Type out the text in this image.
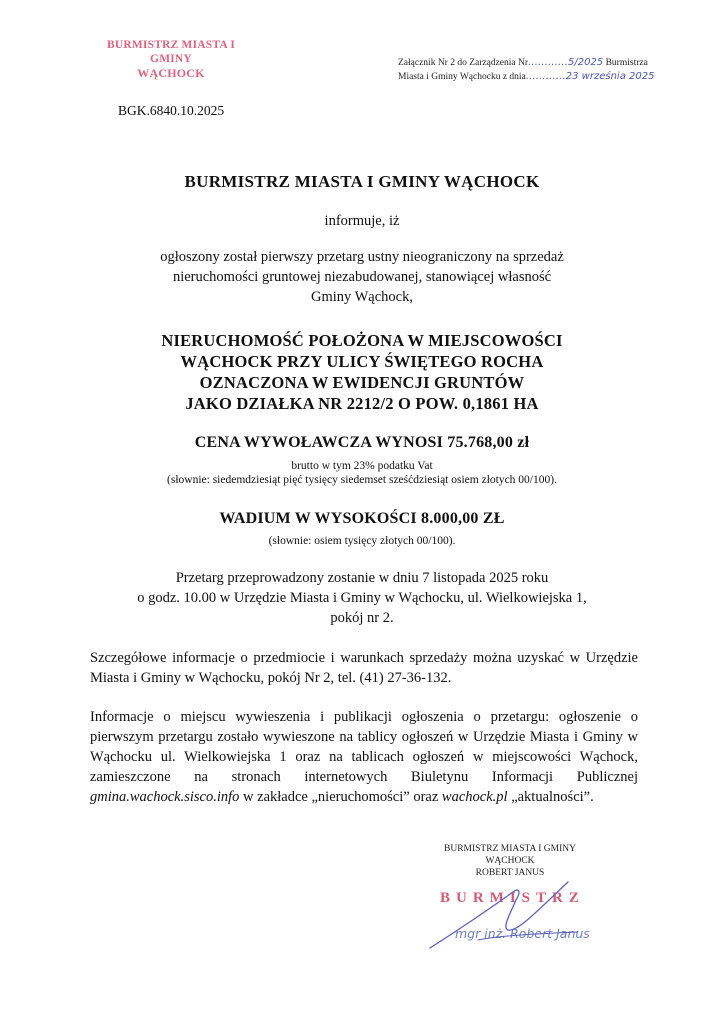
BURMISTRZ MIASTA I GMINY
WĄCHOCK
Załącznik Nr 2 do Zarządzenia Nr…………5/2025 Burmistrza
Miasta i Gminy Wąchocku z dnia…………23 września 2025
BGK.6840.10.2025
BURMISTRZ MIASTA I GMINY WĄCHOCK
informuje, iż
ogłoszony został pierwszy przetarg ustny nieograniczony na sprzedaż
nieruchomości gruntowej niezabudowanej, stanowiącej własność
Gminy Wąchock,
NIERUCHOMOŚĆ POŁOŻONA W MIEJSCOWOŚCI
WĄCHOCK PRZY ULICY ŚWIĘTEGO ROCHA
OZNACZONA W EWIDENCJI GRUNTÓW
JAKO DZIAŁKA NR 2212/2 O POW. 0,1861 HA
CENA WYWOŁAWCZA WYNOSI 75.768,00 zł
brutto w tym 23% podatku Vat
(słownie: siedemdziesiąt pięć tysięcy siedemset sześćdziesiąt osiem złotych 00/100).
WADIUM W WYSOKOŚCI 8.000,00 ZŁ
(słownie: osiem tysięcy złotych 00/100).
Przetarg przeprowadzony zostanie w dniu 7 listopada 2025 roku
o godz. 10.00 w Urzędzie Miasta i Gminy w Wąchocku, ul. Wielkowiejska 1,
pokój nr 2.
Szczegółowe informacje o przedmiocie i warunkach sprzedaży można uzyskać w Urzędzie Miasta i Gminy w Wąchocku, pokój Nr 2, tel. (41) 27-36-132.
Informacje o miejscu wywieszenia i publikacji ogłoszenia o przetargu: ogłoszenie o pierwszym przetargu zostało wywieszone na tablicy ogłoszeń w Urzędzie Miasta i Gminy w Wąchocku ul. Wielkowiejska 1 oraz na tablicach ogłoszeń w miejscowości Wąchock, zamieszczone na stronach internetowych Biuletynu Informacji Publicznej gmina.wachock.sisco.info w zakładce „nieruchomości” oraz wachock.pl „aktualności”.
BURMISTRZ MIASTA I GMINY
WĄCHOCK
ROBERT JANUS
BURMISTRZ
mgr inż. Robert Janus
